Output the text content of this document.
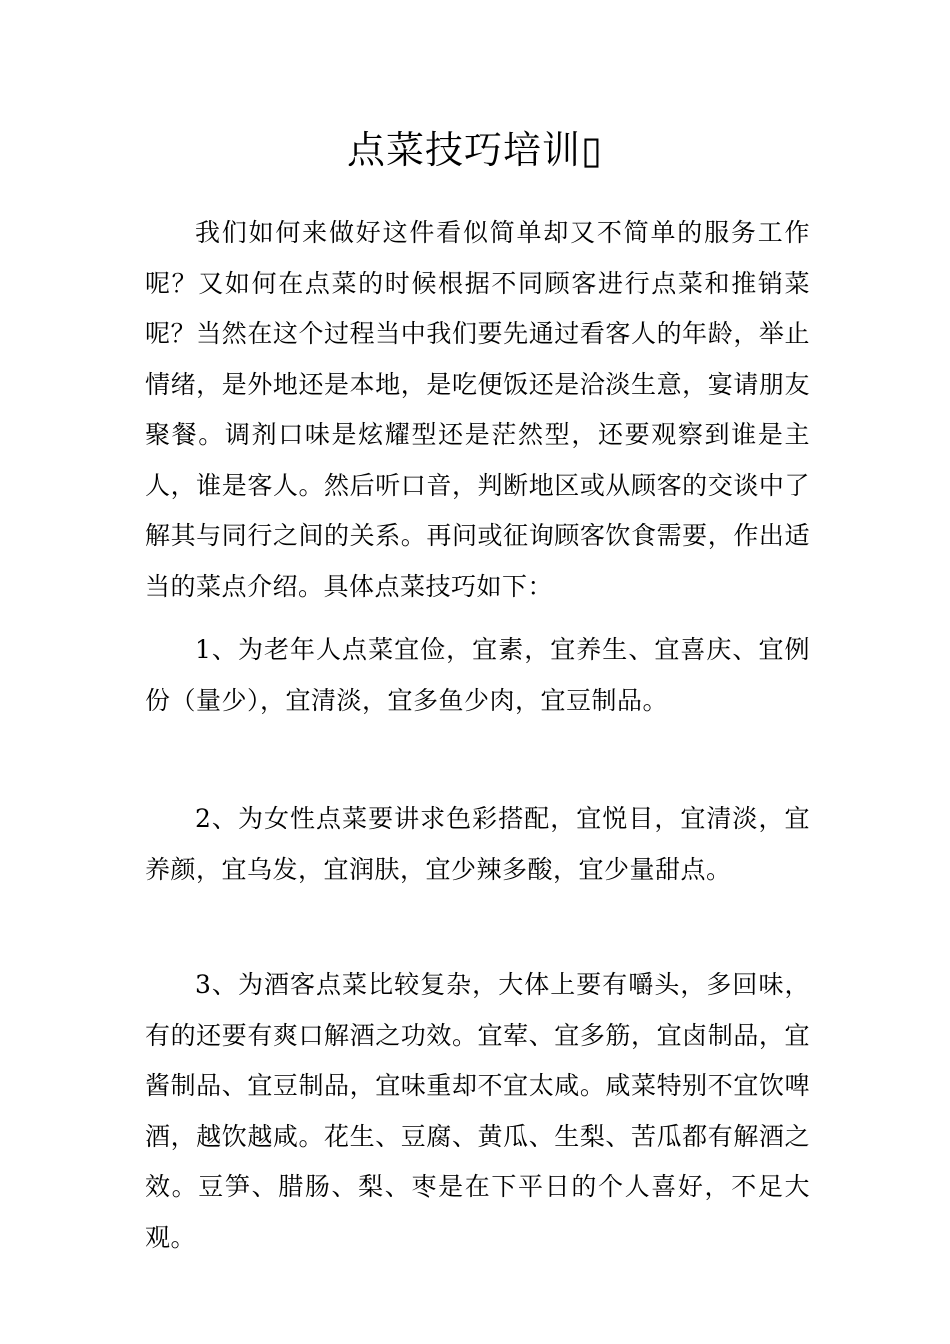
点菜技巧培训▯

我们如何来做好这件看似简单却又不简单的服务工作呢？又如何在点菜的时候根据不同顾客进行点菜和推销菜呢？当然在这个过程当中我们要先通过看客人的年龄，举止情绪，是外地还是本地，是吃便饭还是洽淡生意，宴请朋友聚餐。调剂口味是炫耀型还是茫然型，还要观察到谁是主人，谁是客人。然后听口音，判断地区或从顾客的交谈中了解其与同行之间的关系。再问或征询顾客饮食需要，作出适当的菜点介绍。具体点菜技巧如下：

1、为老年人点菜宜俭，宜素，宜养生、宜喜庆、宜例份（量少），宜清淡，宜多鱼少肉，宜豆制品。

2、为女性点菜要讲求色彩搭配，宜悦目，宜清淡，宜养颜，宜乌发，宜润肤，宜少辣多酸，宜少量甜点。

3、为酒客点菜比较复杂，大体上要有嚼头，多回味，有的还要有爽口解酒之功效。宜荤、宜多筋，宜卤制品，宜酱制品、宜豆制品，宜味重却不宜太咸。咸菜特别不宜饮啤酒，越饮越咸。花生、豆腐、黄瓜、生梨、苦瓜都有解酒之效。豆笋、腊肠、梨、枣是在下平日的个人喜好，不足大观。
